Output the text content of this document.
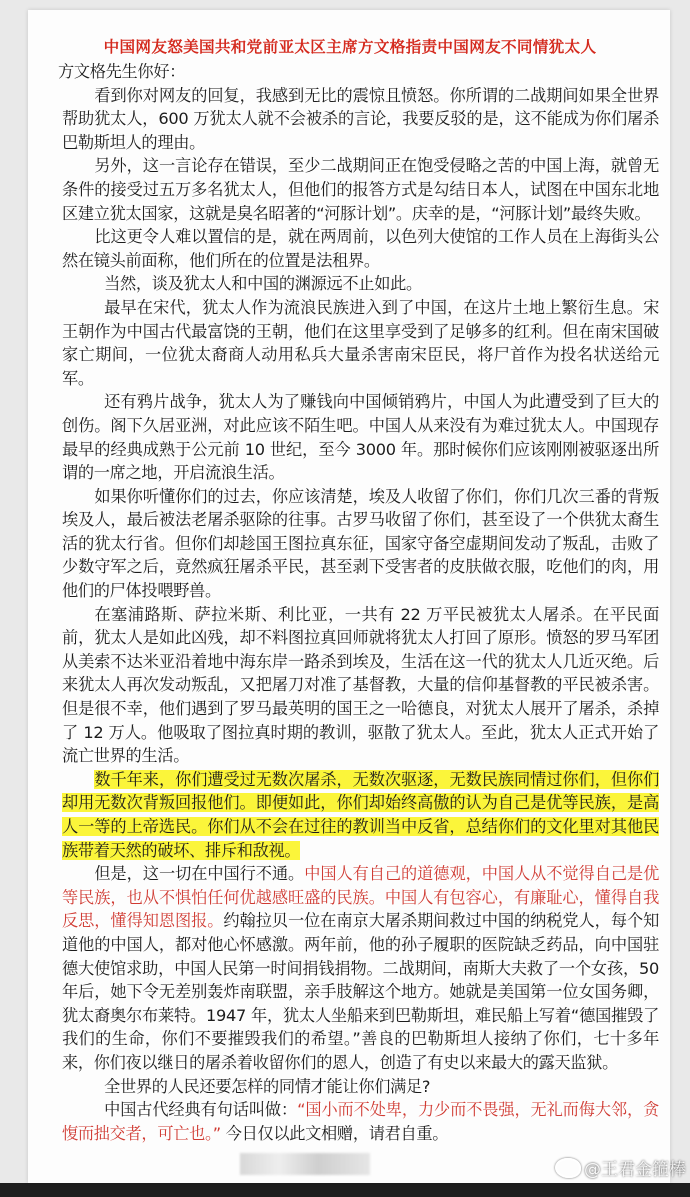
中国网友怒美国共和党前亚太区主席方文格指责中国网友不同情犹太人

方文格先生你好：

看到你对网友的回复，我感到无比的震惊且愤怒。你所谓的二战期间如果全世界帮助犹太人，600 万犹太人就不会被杀的言论，我要反驳的是，这不能成为你们屠杀巴勒斯坦人的理由。

另外，这一言论存在错误，至少二战期间正在饱受侵略之苦的中国上海，就曾无条件的接受过五万多名犹太人，但他们的报答方式是勾结日本人，试图在中国东北地区建立犹太国家，这就是臭名昭著的“河豚计划”。庆幸的是，“河豚计划”最终失败。

比这更令人难以置信的是，就在两周前，以色列大使馆的工作人员在上海街头公然在镜头前面称，他们所在的位置是法租界。

当然，谈及犹太人和中国的渊源远不止如此。

最早在宋代，犹太人作为流浪民族进入到了中国，在这片土地上繁衍生息。宋王朝作为中国古代最富饶的王朝，他们在这里享受到了足够多的红利。但在南宋国破家亡期间，一位犹太裔商人动用私兵大量杀害南宋臣民，将尸首作为投名状送给元军。

还有鸦片战争，犹太人为了赚钱向中国倾销鸦片，中国人为此遭受到了巨大的创伤。阁下久居亚洲，对此应该不陌生吧。中国人从来没有为难过犹太人。中国现存最早的经典成熟于公元前 10 世纪，至今 3000 年。那时候你们应该刚刚被驱逐出所谓的一席之地，开启流浪生活。

如果你听懂你们的过去，你应该清楚，埃及人收留了你们，你们几次三番的背叛埃及人，最后被法老屠杀驱除的往事。古罗马收留了你们，甚至设了一个供犹太裔生活的犹太行省。但你们却趁国王图拉真东征，国家守备空虚期间发动了叛乱，击败了少数守军之后，竟然疯狂屠杀平民，甚至剥下受害者的皮肤做衣服，吃他们的肉，用他们的尸体投喂野兽。

在塞浦路斯、萨拉米斯、利比亚，一共有 22 万平民被犹太人屠杀。在平民面前，犹太人是如此凶残，却不料图拉真回师就将犹太人打回了原形。愤怒的罗马军团从美索不达米亚沿着地中海东岸一路杀到埃及，生活在这一代的犹太人几近灭绝。后来犹太人再次发动叛乱，又把屠刀对准了基督教，大量的信仰基督教的平民被杀害。但是很不幸，他们遇到了罗马最英明的国王之一哈德良，对犹太人展开了屠杀，杀掉了 12 万人。他吸取了图拉真时期的教训，驱散了犹太人。至此，犹太人正式开始了流亡世界的生活。

数千年来，你们遭受过无数次屠杀，无数次驱逐，无数民族同情过你们，但你们却用无数次背叛回报他们。即便如此，你们却始终高傲的认为自己是优等民族，是高人一等的上帝选民。你们从不会在过往的教训当中反省，总结你们的文化里对其他民族带着天然的破坏、排斥和敌视。

但是，这一切在中国行不通。中国人有自己的道德观，中国人从不觉得自己是优等民族，也从不惧怕任何优越感旺盛的民族。中国人有包容心，有廉耻心，懂得自我反思，懂得知恩图报。约翰拉贝一位在南京大屠杀期间救过中国的纳税党人，每个知道他的中国人，都对他心怀感激。两年前，他的孙子履职的医院缺乏药品，向中国驻德大使馆求助，中国人民第一时间捐钱捐物。二战期间，南斯大夫救了一个女孩，50 年后，她下令无差别轰炸南联盟，亲手肢解这个地方。她就是美国第一位女国务卿，犹太裔奥尔布莱特。1947 年，犹太人坐船来到巴勒斯坦，难民船上写着“德国摧毁了我们的生命，你们不要摧毁我们的希望。”善良的巴勒斯坦人接纳了你们，七十多年来，你们夜以继日的屠杀着收留你们的恩人，创造了有史以来最大的露天监狱。

全世界的人民还要怎样的同情才能让你们满足?

中国古代经典有句话叫做：“国小而不处卑，力少而不畏强，无礼而侮大邻，贪愎而拙交者，可亡也。” 今日仅以此文相赠，请君自重。

@王君金箍棒
